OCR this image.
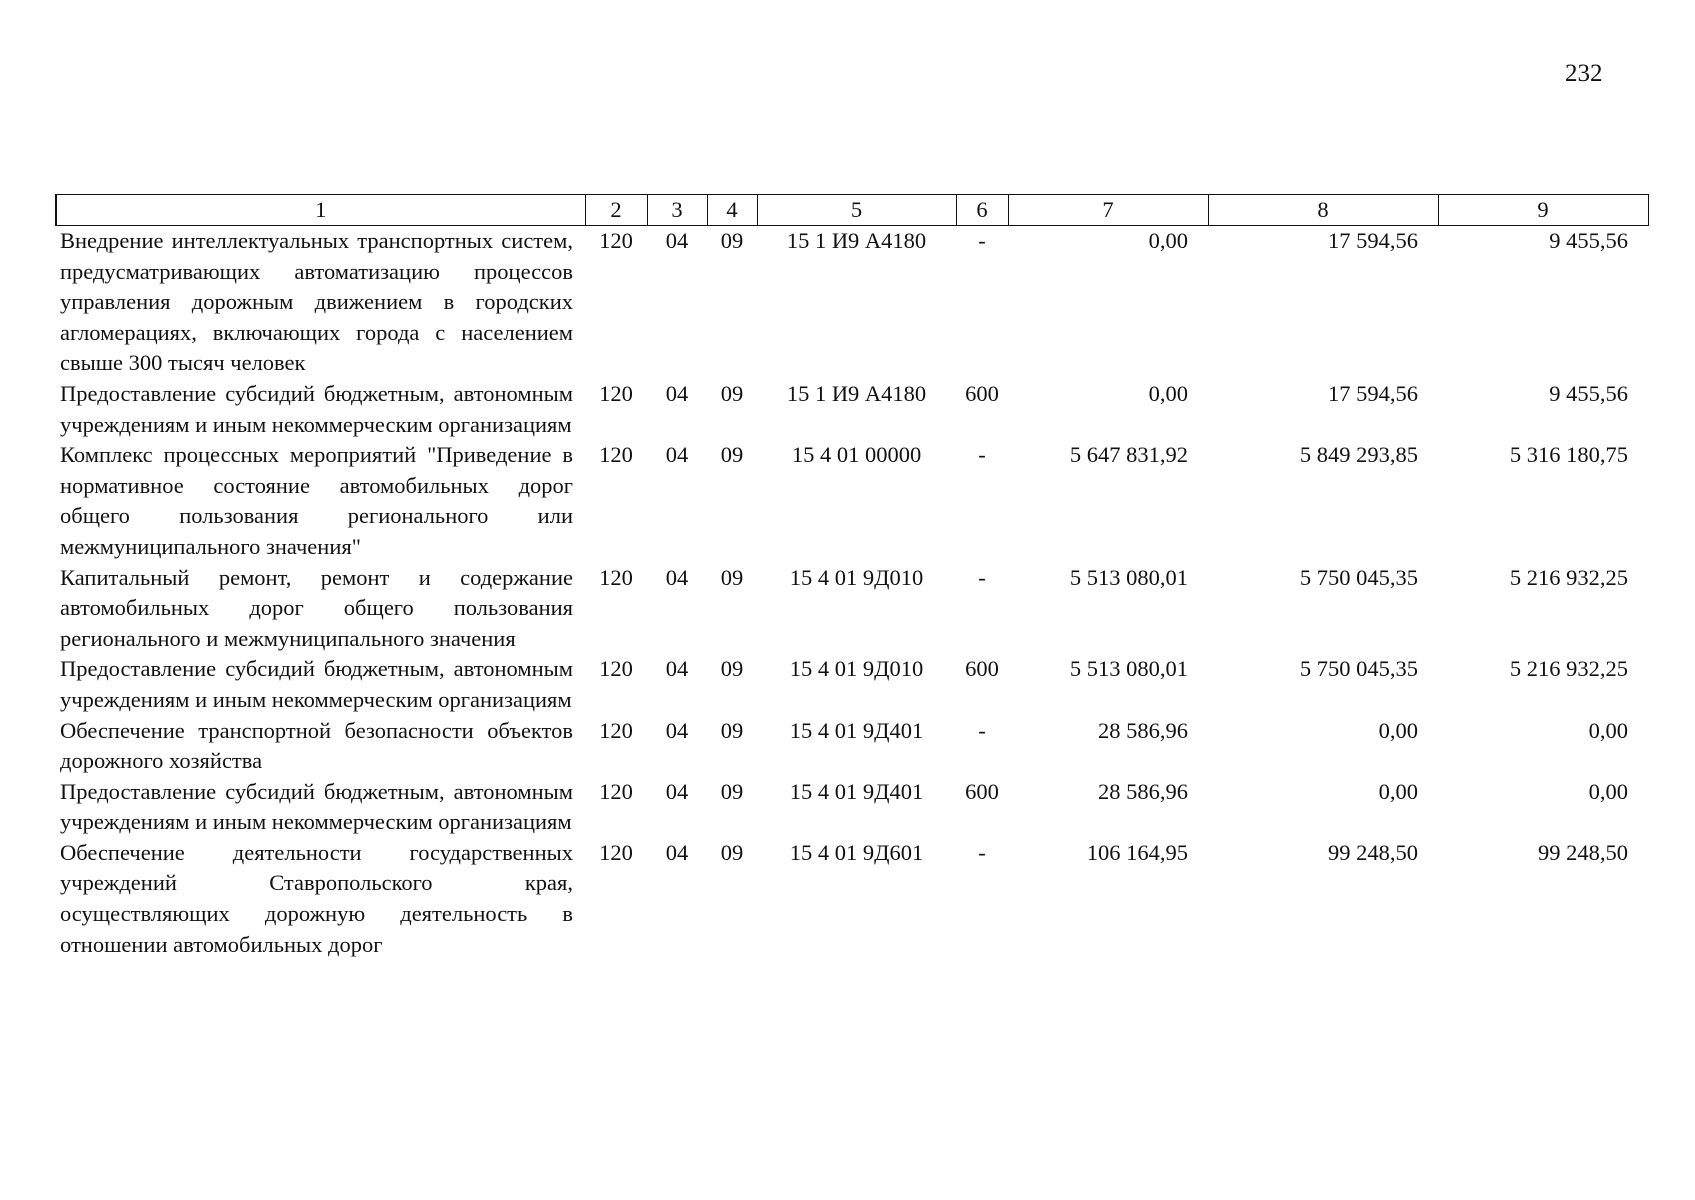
232
1	2	3	4	5	6	7	8	9
Внедрение интеллектуальных транспортных систем, предусматривающих автоматизацию процессов управления дорожным движением в городских агломерациях, включающих города с населением свыше 300 тысяч человек	120	04	09	15 1 И9 А4180	-	0,00	17 594,56	9 455,56
Предоставление субсидий бюджетным, автономным учреждениям и иным некоммерческим организациям	120	04	09	15 1 И9 А4180	600	0,00	17 594,56	9 455,56
Комплекс процессных мероприятий "Приведение в нормативное состояние автомобильных дорог общего пользования регионального или межмуниципального значения"	120	04	09	15 4 01 00000	-	5 647 831,92	5 849 293,85	5 316 180,75
Капитальный ремонт, ремонт и содержание автомобильных дорог общего пользования регионального и межмуниципального значения	120	04	09	15 4 01 9Д010	-	5 513 080,01	5 750 045,35	5 216 932,25
Предоставление субсидий бюджетным, автономным учреждениям и иным некоммерческим организациям	120	04	09	15 4 01 9Д010	600	5 513 080,01	5 750 045,35	5 216 932,25
Обеспечение транспортной безопасности объектов дорожного хозяйства	120	04	09	15 4 01 9Д401	-	28 586,96	0,00	0,00
Предоставление субсидий бюджетным, автономным учреждениям и иным некоммерческим организациям	120	04	09	15 4 01 9Д401	600	28 586,96	0,00	0,00
Обеспечение деятельности государственных учреждений Ставропольского края, осуществляющих дорожную деятельность в отношении автомобильных дорог	120	04	09	15 4 01 9Д601	-	106 164,95	99 248,50	99 248,50
